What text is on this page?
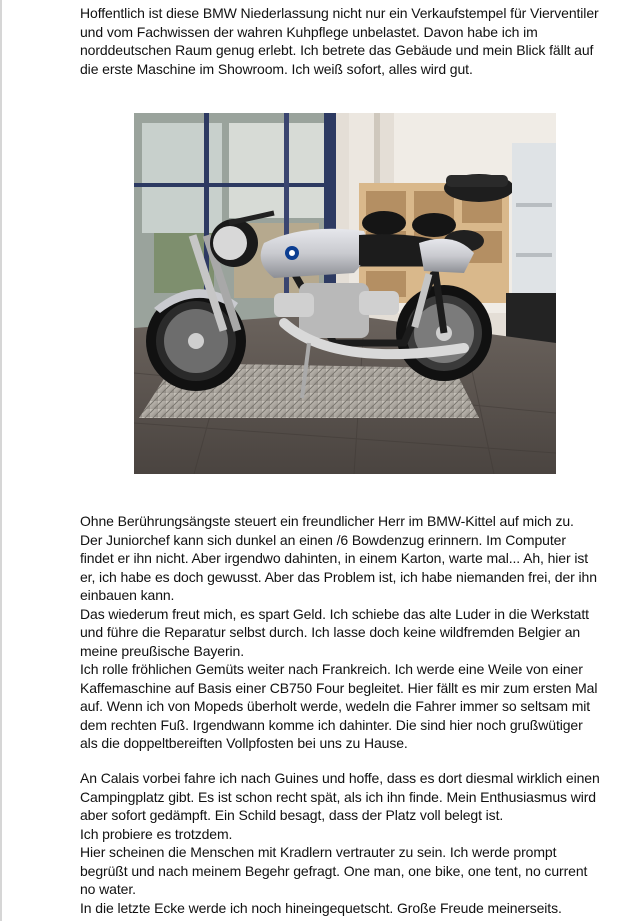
Hoffentlich ist diese BMW Niederlassung nicht nur ein Verkaufstempel für Vierventiler

und vom Fachwissen der wahren Kuhpflege unbelastet. Davon habe ich im

norddeutschen Raum genug erlebt. Ich betrete das Gebäude und mein Blick fällt auf

die erste Maschine im Showroom. Ich weiß sofort, alles wird gut.

Ohne Berührungsängste steuert ein freundlicher Herr im BMW-Kittel auf mich zu.

Der Juniorchef kann sich dunkel an einen /6 Bowdenzug erinnern. Im Computer

findet er ihn nicht. Aber irgendwo dahinten, in einem Karton, warte mal... Ah, hier ist

er, ich habe es doch gewusst. Aber das Problem ist, ich habe niemanden frei, der ihn

einbauen kann.

Das wiederum freut mich, es spart Geld. Ich schiebe das alte Luder in die Werkstatt

und führe die Reparatur selbst durch. Ich lasse doch keine wildfremden Belgier an

meine preußische Bayerin.

Ich rolle fröhlichen Gemüts weiter nach Frankreich. Ich werde eine Weile von einer

Kaffemaschine auf Basis einer CB750 Four begleitet. Hier fällt es mir zum ersten Mal

auf. Wenn ich von Mopeds überholt werde, wedeln die Fahrer immer so seltsam mit

dem rechten Fuß. Irgendwann komme ich dahinter. Die sind hier noch grußwütiger

als die doppeltbereiften Vollpfosten bei uns zu Hause.

An Calais vorbei fahre ich nach Guines und hoffe, dass es dort diesmal wirklich einen

Campingplatz gibt. Es ist schon recht spät, als ich ihn finde. Mein Enthusiasmus wird

aber sofort gedämpft. Ein Schild besagt, dass der Platz voll belegt ist.

Ich probiere es trotzdem.

Hier scheinen die Menschen mit Kradlern vertrauter zu sein. Ich werde prompt

begrüßt und nach meinem Begehr gefragt. One man, one bike, one tent, no current

no water.

In die letzte Ecke werde ich noch hineingequetscht. Große Freude meinerseits.
